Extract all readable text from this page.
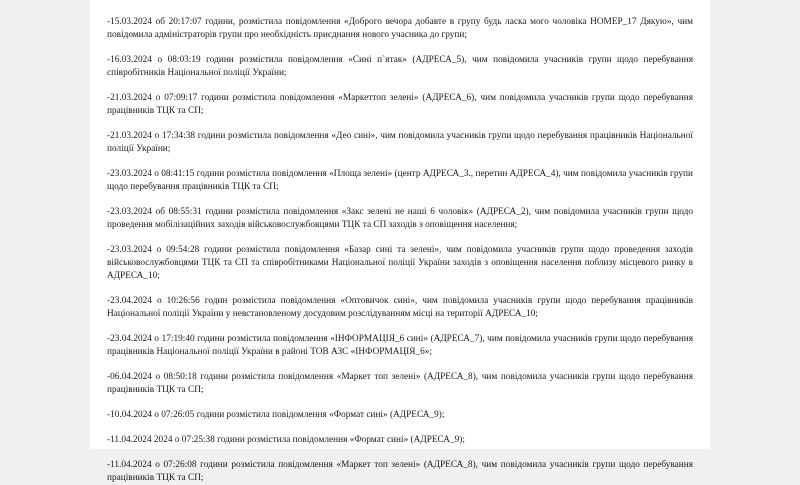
-15.03.2024 об 20:17:07 години, розмістила повідомлення «Доброго вечора добавте в групу будь ласка мого чоловіка НОМЕР_17 Дякую», чим повідомила адміністраторів групи про необхідність приєднання нового учасника до групи;

-16.03.2024 о 08:03:19 години розмістила повідомлення «Сині п`ятак» (АДРЕСА_5), чим повідомила учасників групи щодо перебування співробітників Національної поліції України;

-21.03.2024 о 07:09:17 години розмістила повідомлення «Маркеттоп зелені» (АДРЕСА_6), чим повідомила учасників групи щодо перебування працівників ТЦК та СП;

-21.03.2024 о 17:34:38 години розмістила повідомлення «Део сині», чим повідомила учасників групи щодо перебування працівників Національної поліції України;

-23.03.2024 о 08:41:15 години розмістила повідомлення «Площа зелені» (центр АДРЕСА_3., перетин АДРЕСА_4), чим повідомила учасників групи щодо перебування працівників ТЦК та СП;

-23.03.2024 об 08:55:31 години розмістила повідомлення «Закс зелені не наші 6 чоловік» (АДРЕСА_2), чим повідомила учасників групи щодо проведення мобілізаційних заходів військовослужбовцями ТЦК та СП заходів з оповіщення населення;

-23.03.2024 о 09:54:28 години розмістила повідомлення «Базар сині та зелені», чим повідомила учасників групи щодо проведення заходів військовослужбовцями ТЦК та СП та співробітниками Національної поліції України заходів з оповіщення населення поблизу місцевого ринку в АДРЕСА_10;

-23.04.2024 о 10:26:56 годин розмістила повідомлення «Оптовичок сині», чим повідомила учасників групи щодо перебування працівників Національної поліції України у невстановленому досудовим розслідуванням місці на території АДРЕСА_10;

-23.04.2024 о 17:19:40 години розмістила повідомлення «ІНФОРМАЦІЯ_6 сині» (АДРЕСА_7), чим повідомила учасників групи щодо перебування працівників Національної поліції України в районі ТОВ АЗС «ІНФОРМАЦІЯ_6»;

-06.04.2024 о 08:50:18 години розмістила повідомлення «Маркет топ зелені» (АДРЕСА_8), чим повідомила учасників групи щодо перебування працівників ТЦК та СП;

-10.04.2024 о 07:26:05 години розмістила повідомлення «Формат сині» (АДРЕСА_9);

-11.04.2024 2024 о 07:25:38 години розмістила повідомлення «Формат сині» (АДРЕСА_9);

-11.04.2024 о 07:26:08 години розмістила повідомлення «Маркет топ зелені» (АДРЕСА_8), чим повідомила учасників групи щодо перебування працівників ТЦК та СП;
